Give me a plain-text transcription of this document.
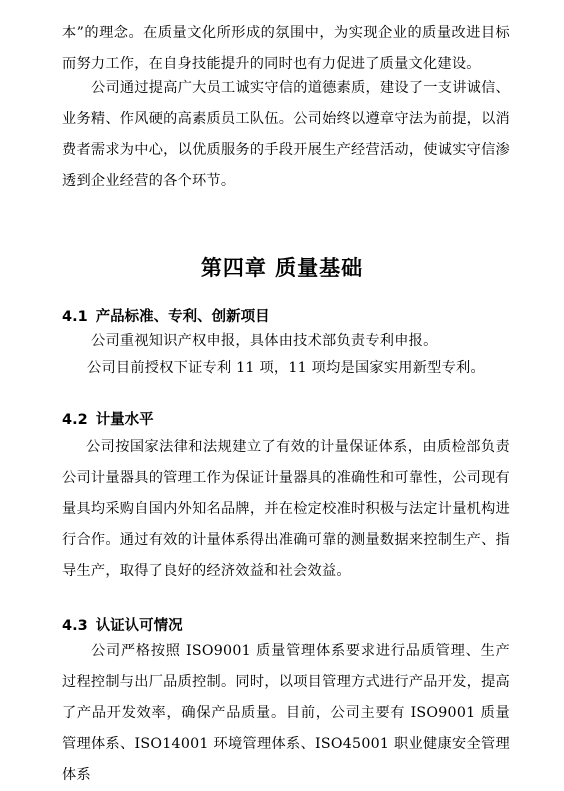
本”的理念。在质量文化所形成的氛围中，为实现企业的质量改进目标而努力工作，在自身技能提升的同时也有力促进了质量文化建设。

公司通过提高广大员工诚实守信的道德素质，建设了一支讲诚信、业务精、作风硬的高素质员工队伍。公司始终以遵章守法为前提，以消费者需求为中心，以优质服务的手段开展生产经营活动，使诚实守信渗透到企业经营的各个环节。

第四章 质量基础
4.1 产品标准、专利、创新项目

公司重视知识产权申报，具体由技术部负责专利申报。

公司目前授权下证专利 11 项，11 项均是国家实用新型专利。

4.2 计量水平

公司按国家法律和法规建立了有效的计量保证体系，由质检部负责公司计量器具的管理工作为保证计量器具的准确性和可靠性，公司现有量具均采购自国内外知名品牌，并在检定校准时积极与法定计量机构进行合作。通过有效的计量体系得出准确可靠的测量数据来控制生产、指导生产，取得了良好的经济效益和社会效益。

4.3 认证认可情况

公司严格按照 ISO9001 质量管理体系要求进行品质管理、生产过程控制与出厂品质控制。同时，以项目管理方式进行产品开发，提高了产品开发效率，确保产品质量。目前，公司主要有 ISO9001 质量管理体系、ISO14001 环境管理体系、ISO45001 职业健康安全管理体系
